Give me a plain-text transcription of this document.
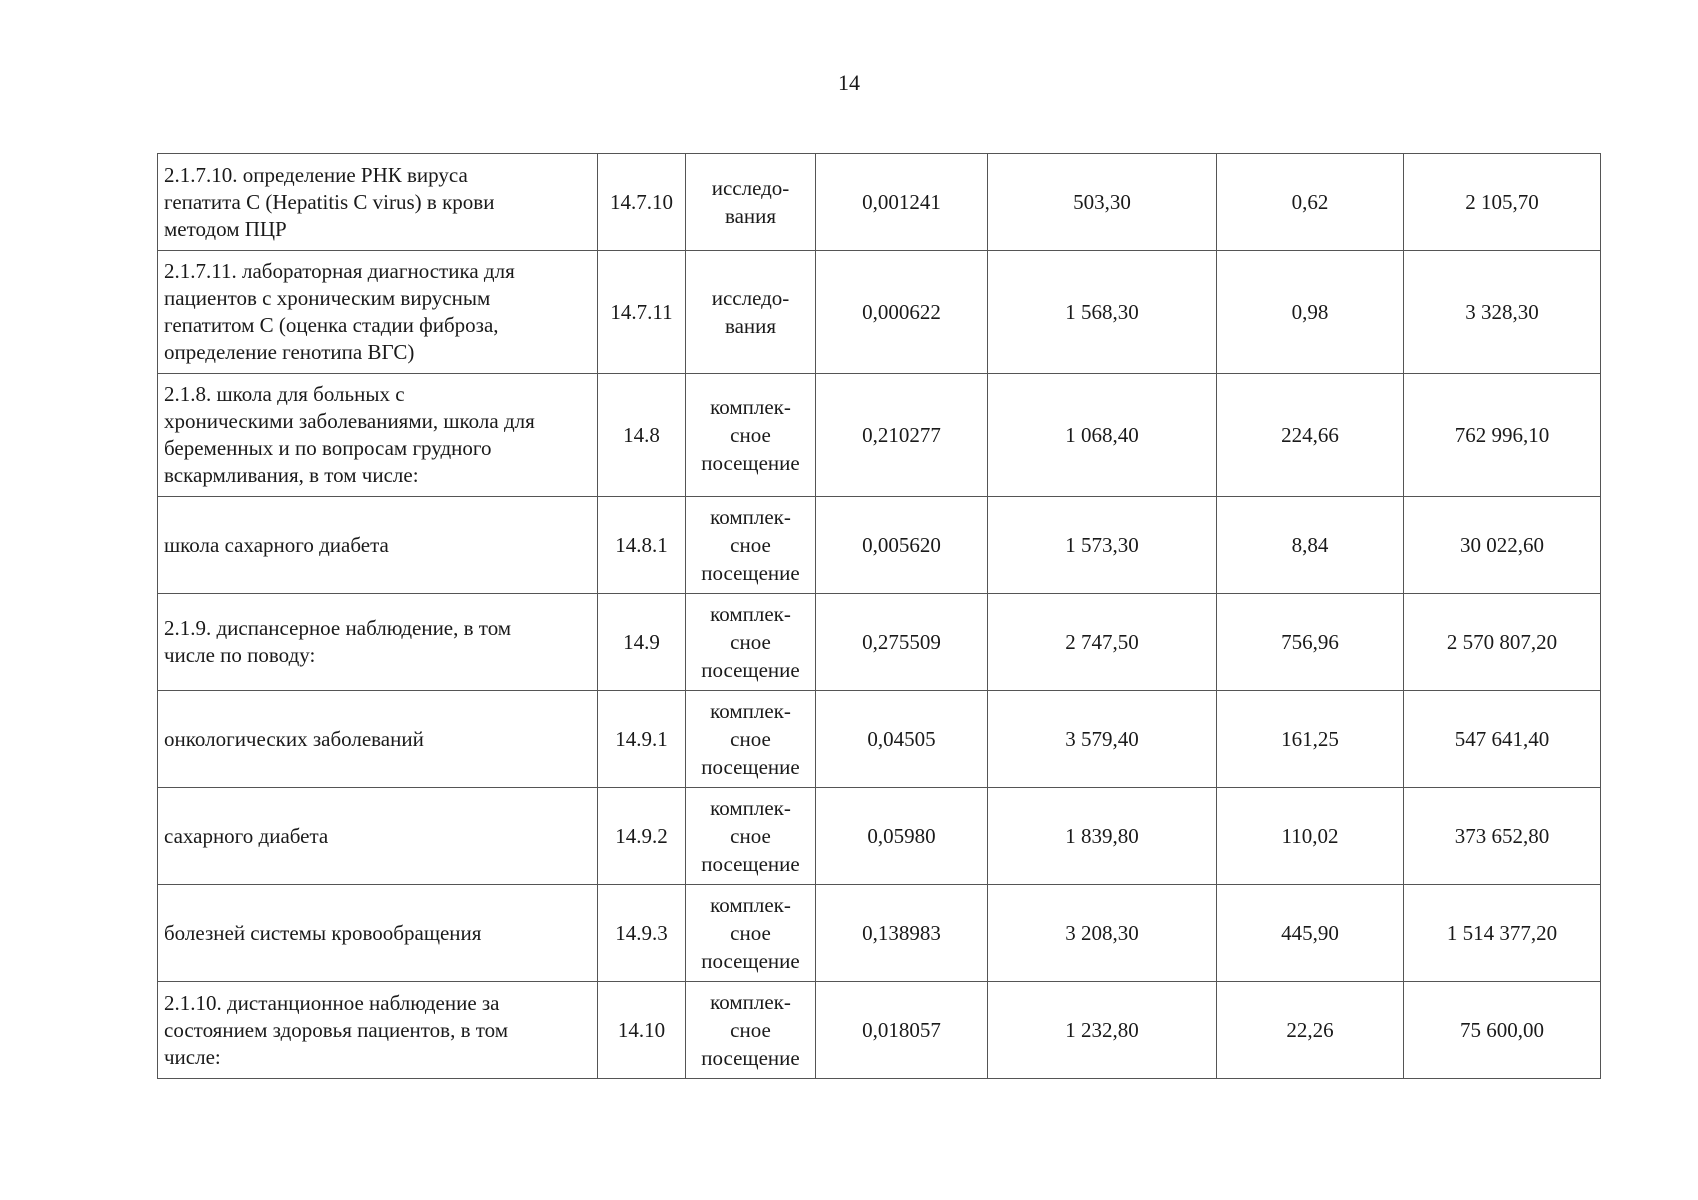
14
2.1.7.10. определение РНК вируса
гепатита С (Hepatitis С virus) в крови
методом ПЦР	14.7.10	исследо-
вания	0,001241	503,30	0,62	2 105,70
2.1.7.11. лабораторная диагностика для
пациентов с хроническим вирусным
гепатитом С (оценка стадии фиброза,
определение генотипа ВГС)	14.7.11	исследо-
вания	0,000622	1 568,30	0,98	3 328,30
2.1.8. школа для больных с
хроническими заболеваниями, школа для
беременных и по вопросам грудного
вскармливания, в том числе:	14.8	комплек-
сное
посещение	0,210277	1 068,40	224,66	762 996,10
школа сахарного диабета	14.8.1	комплек-
сное
посещение	0,005620	1 573,30	8,84	30 022,60
2.1.9. диспансерное наблюдение, в том
числе по поводу:	14.9	комплек-
сное
посещение	0,275509	2 747,50	756,96	2 570 807,20
онкологических заболеваний	14.9.1	комплек-
сное
посещение	0,04505	3 579,40	161,25	547 641,40
сахарного диабета	14.9.2	комплек-
сное
посещение	0,05980	1 839,80	110,02	373 652,80
болезней системы кровообращения	14.9.3	комплек-
сное
посещение	0,138983	3 208,30	445,90	1 514 377,20
2.1.10. дистанционное наблюдение за
состоянием здоровья пациентов, в том
числе:	14.10	комплек-
сное
посещение	0,018057	1 232,80	22,26	75 600,00
